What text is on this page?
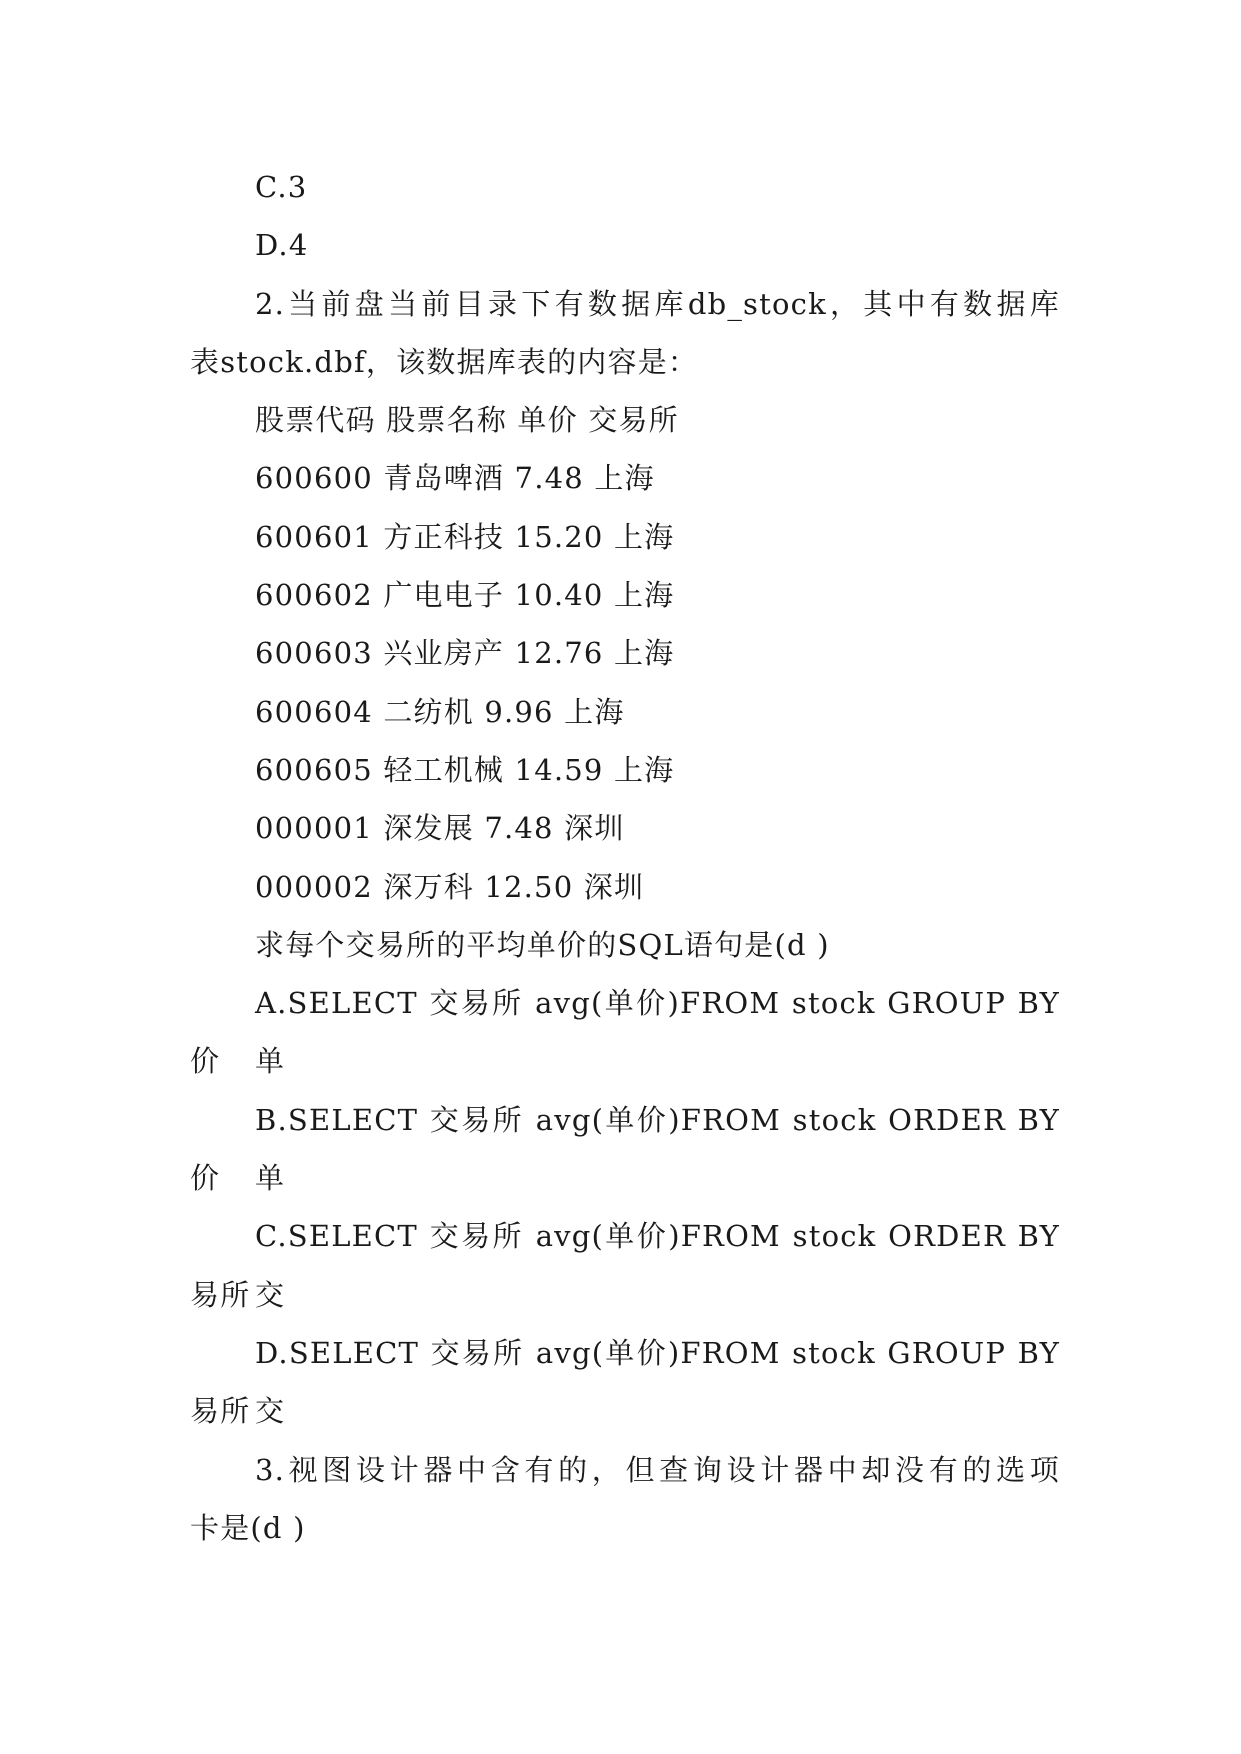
C.3
D.4
2.当前盘当前目录下有数据库db_stock，其中有数据库
表stock.dbf，该数据库表的内容是：
股票代码 股票名称 单价 交易所
600600 青岛啤酒 7.48 上海
600601 方正科技 15.20 上海
600602 广电电子 10.40 上海
600603 兴业房产 12.76 上海
600604 二纺机 9.96 上海
600605 轻工机械 14.59 上海
000001 深发展 7.48 深圳
000002 深万科 12.50 深圳
求每个交易所的平均单价的SQL语句是(d )
A.SELECT 交易所 avg(单价)FROM stock GROUP BY 单
价
B.SELECT 交易所 avg(单价)FROM stock ORDER BY 单
价
C.SELECT 交易所 avg(单价)FROM stock ORDER BY 交
易所
D.SELECT 交易所 avg(单价)FROM stock GROUP BY 交
易所
3.视图设计器中含有的，但查询设计器中却没有的选项
卡是(d )
